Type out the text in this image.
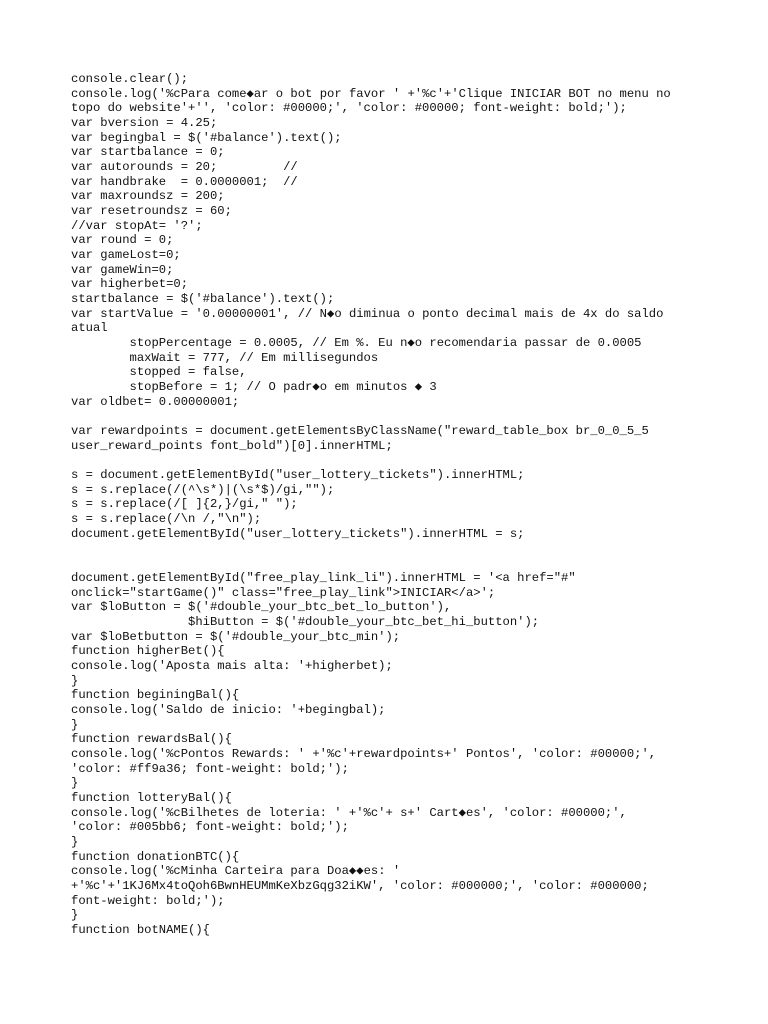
console.clear();
console.log('%cPara come◆ar o bot por favor ' +'%c'+'Clique INICIAR BOT no menu no
topo do website'+'', 'color: #00000;', 'color: #00000; font-weight: bold;');
var bversion = 4.25;
var begingbal = $('#balance').text();
var startbalance = 0;
var autorounds = 20;         //
var handbrake  = 0.0000001;  //
var maxroundsz = 200;
var resetroundsz = 60;
//var stopAt= '?';
var round = 0;
var gameLost=0;
var gameWin=0;
var higherbet=0;
startbalance = $('#balance').text();
var startValue = '0.00000001', // N◆o diminua o ponto decimal mais de 4x do saldo
atual
stopPercentage = 0.0005, // Em %. Eu n◆o recomendaria passar de 0.0005
maxWait = 777, // Em millisegundos
stopped = false,
stopBefore = 1; // O padr◆o em minutos ◆ 3
var oldbet= 0.00000001;
var rewardpoints = document.getElementsByClassName("reward_table_box br_0_0_5_5
user_reward_points font_bold")[0].innerHTML;
s = document.getElementById("user_lottery_tickets").innerHTML;
s = s.replace(/(^\s*)|(\s*$)/gi,"");
s = s.replace(/[ ]{2,}/gi," ");
s = s.replace(/\n /,"\n");
document.getElementById("user_lottery_tickets").innerHTML = s;
document.getElementById("free_play_link_li").innerHTML = '<a href="#"
onclick="startGame()" class="free_play_link">INICIAR</a>';
var $loButton = $('#double_your_btc_bet_lo_button'),
$hiButton = $('#double_your_btc_bet_hi_button');
var $loBetbutton = $('#double_your_btc_min');
function higherBet(){
console.log('Aposta mais alta: '+higherbet);
}
function beginingBal(){
console.log('Saldo de inicio: '+begingbal);
}
function rewardsBal(){
console.log('%cPontos Rewards: ' +'%c'+rewardpoints+' Pontos', 'color: #00000;',
'color: #ff9a36; font-weight: bold;');
}
function lotteryBal(){
console.log('%cBilhetes de loteria: ' +'%c'+ s+' Cart◆es', 'color: #00000;',
'color: #005bb6; font-weight: bold;');
}
function donationBTC(){
console.log('%cMinha Carteira para Doa◆◆es: '
+'%c'+'1KJ6Mx4toQoh6BwnHEUMmKeXbzGqg32iKW', 'color: #000000;', 'color: #000000;
font-weight: bold;');
}
function botNAME(){
